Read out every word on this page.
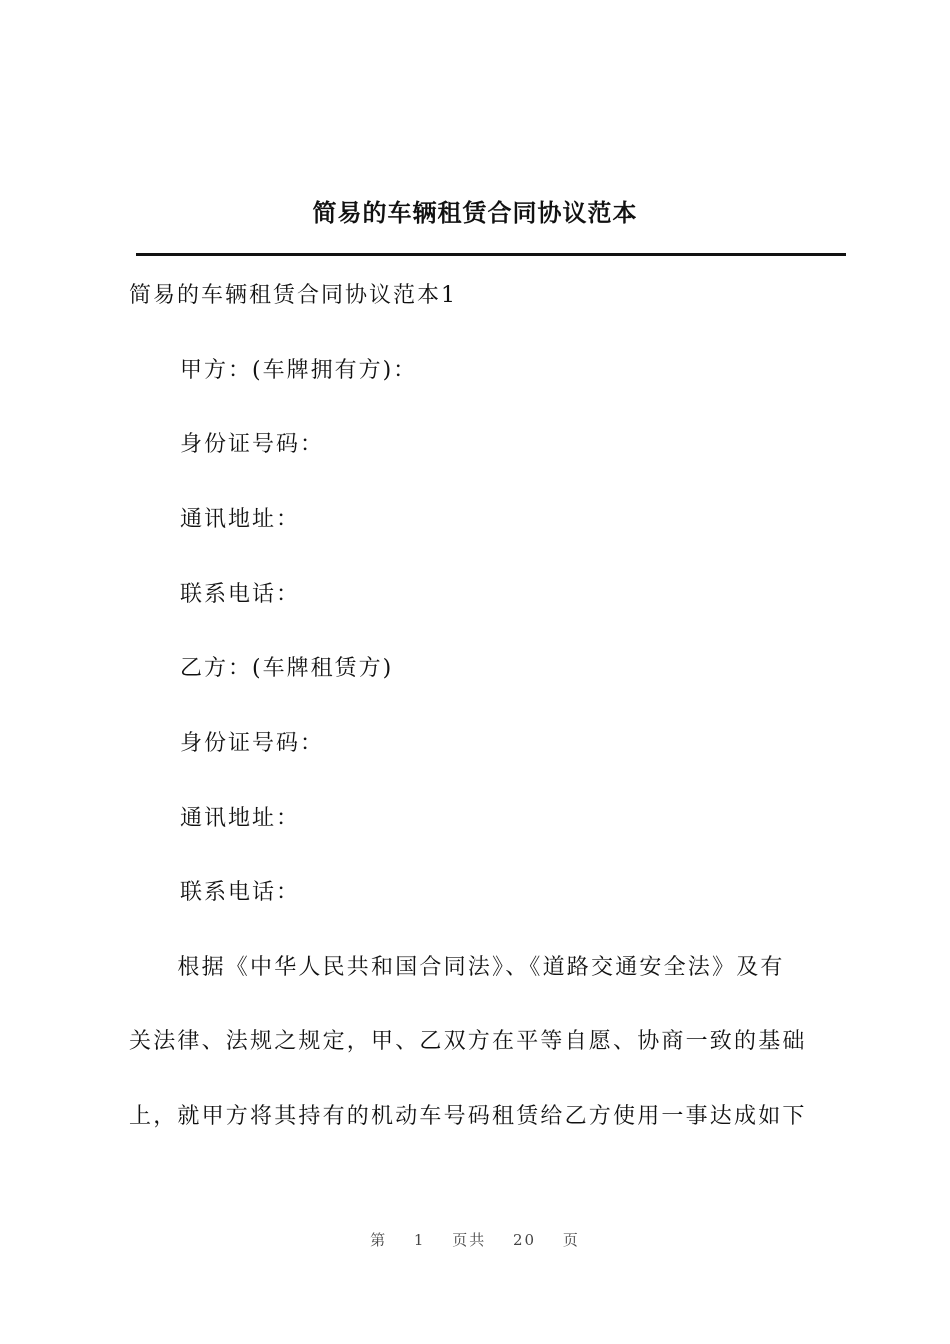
简易的车辆租赁合同协议范本
简易的车辆租赁合同协议范本1
甲方：(车牌拥有方)：
身份证号码：
通讯地址：
联系电话：
乙方：(车牌租赁方)
身份证号码：
通讯地址：
联系电话：
　　根据《中华人民共和国合同法》、《道路交通安全法》及有
关法律、法规之规定，甲、乙双方在平等自愿、协商一致的基础
上，就甲方将其持有的机动车号码租赁给乙方使用一事达成如下
第 1 页共 20 页
